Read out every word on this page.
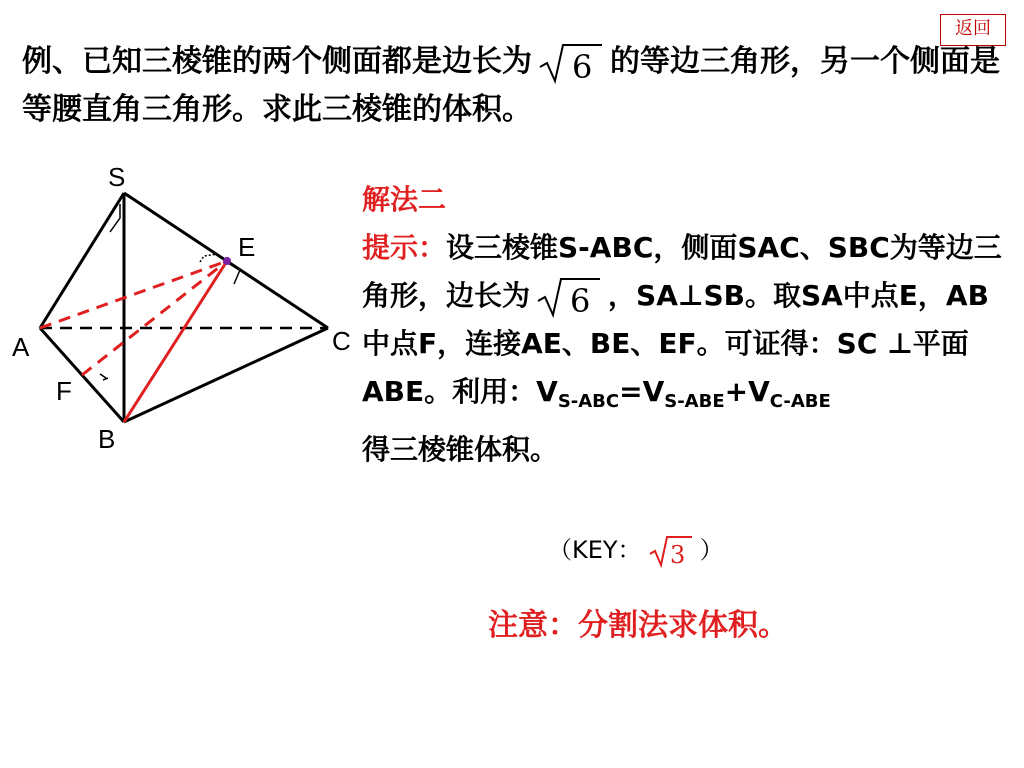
返回
例、已知三棱锥的两个侧面都是边长为 6 的等边三角形，另一个侧面是等腰直角三角形。求此三棱锥的体积。
S
E
A	C
F
B
解法二
提示：设三棱锥S-ABC，侧面SAC、SBC为等边三角形，边长为 6 ，SA⊥SB。取SA中点E，AB中点F，连接AE、BE、EF。可证得：SC ⊥平面ABE。利用：$V_{S-ABC}=V_{S-ABE}+V_{C-ABE}$
得三棱锥体积。
（KEY： 3 ）
注意：分割法求体积。
